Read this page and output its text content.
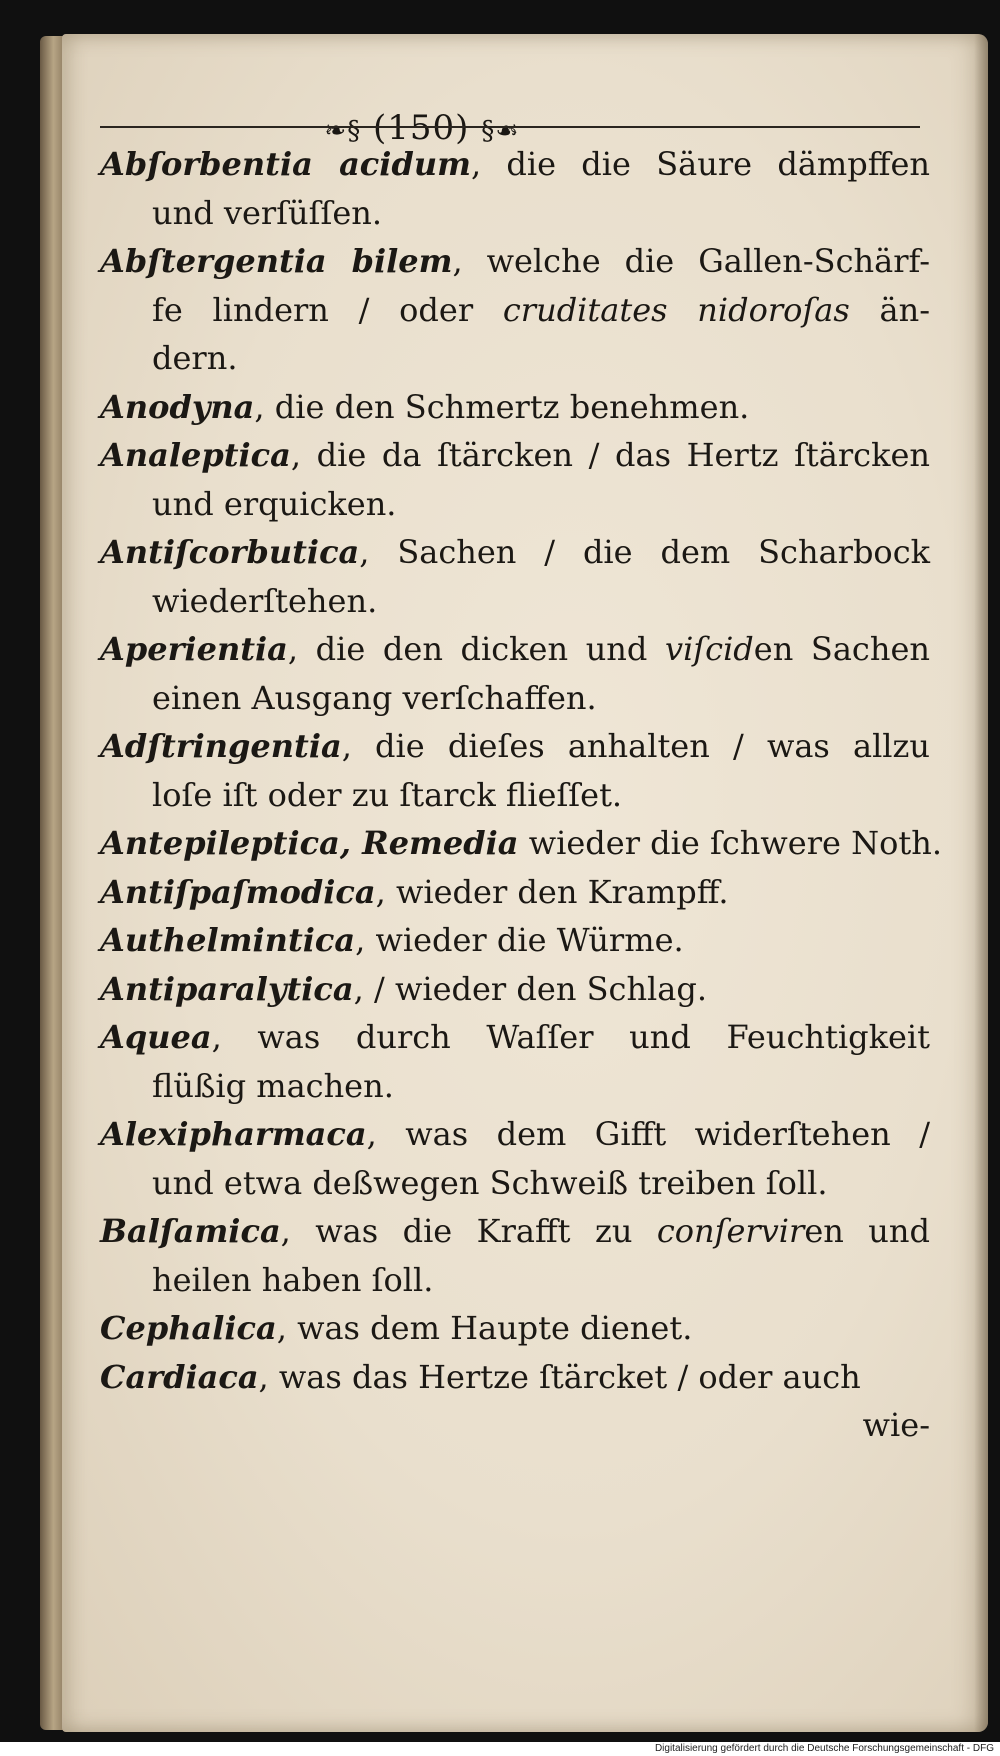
❧§ (150) §☙
Abſorbentia acidum, die die Säure dämpffen
und verſüſſen.
Abſtergentia bilem, welche die Gallen-Schärf-
fe lindern / oder cruditates nidoroſas än-
dern.
Anodyna, die den Schmertz benehmen.
Analeptica, die da ſtärcken / das Hertz ſtärcken
und erquicken.
Antiſcorbutica, Sachen / die dem Scharbock
wiederſtehen.
Aperientia, die den dicken und viſciden Sachen
einen Ausgang verſchaffen.
Adſtringentia, die dieſes anhalten / was allzu
loſe iſt oder zu ſtarck flieſſet.
Antepileptica, Remedia wieder die ſchwere Noth.
Antiſpaſmodica, wieder den Krampff.
Authelmintica, wieder die Würme.
Antiparalytica, / wieder den Schlag.
Aquea, was durch Waſſer und Feuchtigkeit
flüßig machen.
Alexipharmaca, was dem Gifft widerſtehen /
und etwa deßwegen Schweiß treiben ſoll.
Balſamica, was die Krafft zu conſerviren und
heilen haben ſoll.
Cephalica, was dem Haupte dienet.
Cardiaca, was das Hertze ſtärcket / oder auch
wie-
Digitalisierung gefördert durch die Deutsche Forschungsgemeinschaft - DFG
